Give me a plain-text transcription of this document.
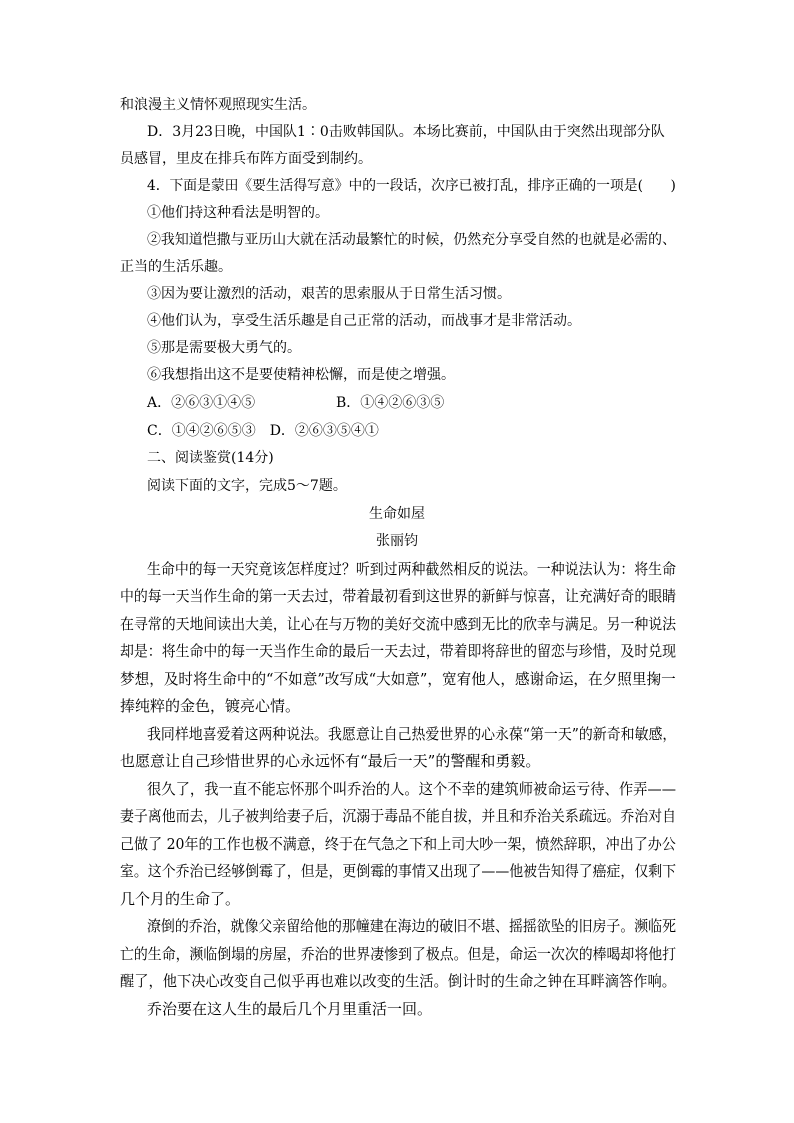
和浪漫主义情怀观照现实生活。
D．3月23日晚，中国队1∶0击败韩国队。本场比赛前，中国队由于突然出现部分队
员感冒，里皮在排兵布阵方面受到制约。
4．下面是蒙田《要生活得写意》中的一段话，次序已被打乱，排序正确的一项是(　　)
①他们持这种看法是明智的。
②我知道恺撒与亚历山大就在活动最繁忙的时候，仍然充分享受自然的也就是必需的、
正当的生活乐趣。
③因为要让激烈的活动，艰苦的思索服从于日常生活习惯。
④他们认为，享受生活乐趣是自己正常的活动，而战事才是非常活动。
⑤那是需要极大勇气的。
⑥我想指出这不是要使精神松懈，而是使之增强。
A．②⑥③①④⑤	B．①④②⑥③⑤
C．①④②⑥⑤③　D．②⑥③⑤④①
二、阅读鉴赏(14分)
阅读下面的文字，完成5～7题。
生命如屋
张丽钧
生命中的每一天究竟该怎样度过？听到过两种截然相反的说法。一种说法认为：将生命
中的每一天当作生命的第一天去过，带着最初看到这世界的新鲜与惊喜，让充满好奇的眼睛
在寻常的天地间读出大美，让心在与万物的美好交流中感到无比的欣幸与满足。另一种说法
却是：将生命中的每一天当作生命的最后一天去过，带着即将辞世的留恋与珍惜，及时兑现
梦想，及时将生命中的“不如意”改写成“大如意”，宽宥他人，感谢命运，在夕照里掬一
捧纯粹的金色，镀亮心情。
我同样地喜爱着这两种说法。我愿意让自己热爱世界的心永葆“第一天”的新奇和敏感，
也愿意让自己珍惜世界的心永远怀有“最后一天”的警醒和勇毅。
很久了，我一直不能忘怀那个叫乔治的人。这个不幸的建筑师被命运亏待、作弄——
妻子离他而去，儿子被判给妻子后，沉溺于毒品不能自拔，并且和乔治关系疏远。乔治对自
己做了 20年的工作也极不满意，终于在气急之下和上司大吵一架，愤然辞职，冲出了办公
室。这个乔治已经够倒霉了，但是，更倒霉的事情又出现了——他被告知得了癌症，仅剩下
几个月的生命了。
潦倒的乔治，就像父亲留给他的那幢建在海边的破旧不堪、摇摇欲坠的旧房子。濒临死
亡的生命，濒临倒塌的房屋，乔治的世界凄惨到了极点。但是，命运一次次的棒喝却将他打
醒了，他下决心改变自己似乎再也难以改变的生活。倒计时的生命之钟在耳畔滴答作响。
乔治要在这人生的最后几个月里重活一回。
